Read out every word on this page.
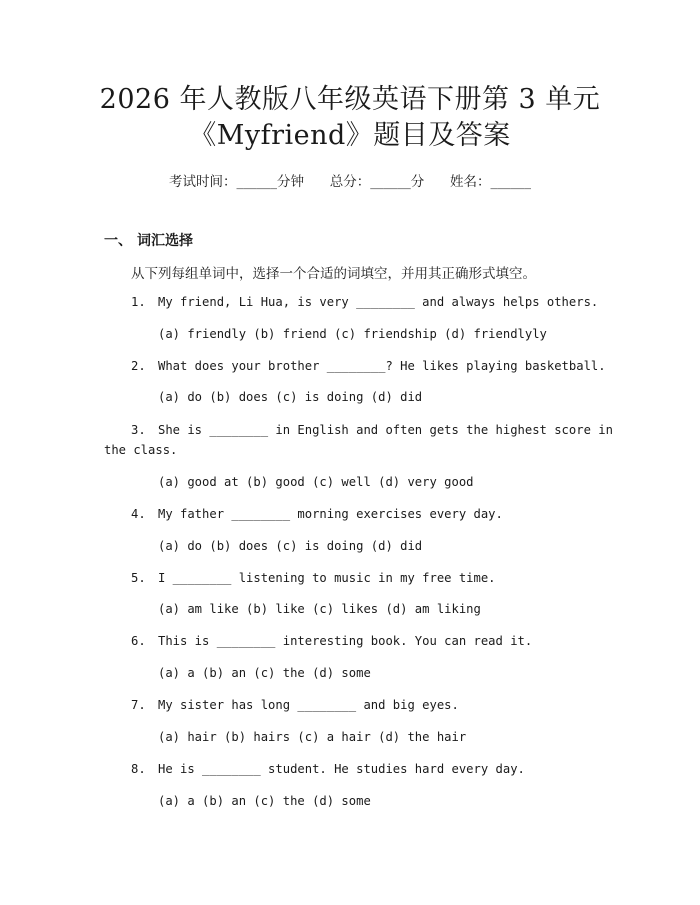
2026 年人教版八年级英语下册第 3 单元
《Myfriend》题目及答案
考试时间：______分钟      总分：______分      姓名：______
一、 词汇选择
从下列每组单词中，选择一个合适的词填空，并用其正确形式填空。
1. My friend, Li Hua, is very ________ and always helps others.
(a) friendly (b) friend (c) friendship (d) friendlyly
2. What does your brother ________? He likes playing basketball.
(a) do (b) does (c) is doing (d) did
3. She is ________ in English and often gets the highest score in
the class.
(a) good at (b) good (c) well (d) very good
4. My father ________ morning exercises every day.
(a) do (b) does (c) is doing (d) did
5. I ________ listening to music in my free time.
(a) am like (b) like (c) likes (d) am liking
6. This is ________ interesting book. You can read it.
(a) a (b) an (c) the (d) some
7. My sister has long ________ and big eyes.
(a) hair (b) hairs (c) a hair (d) the hair
8. He is ________ student. He studies hard every day.
(a) a (b) an (c) the (d) some
